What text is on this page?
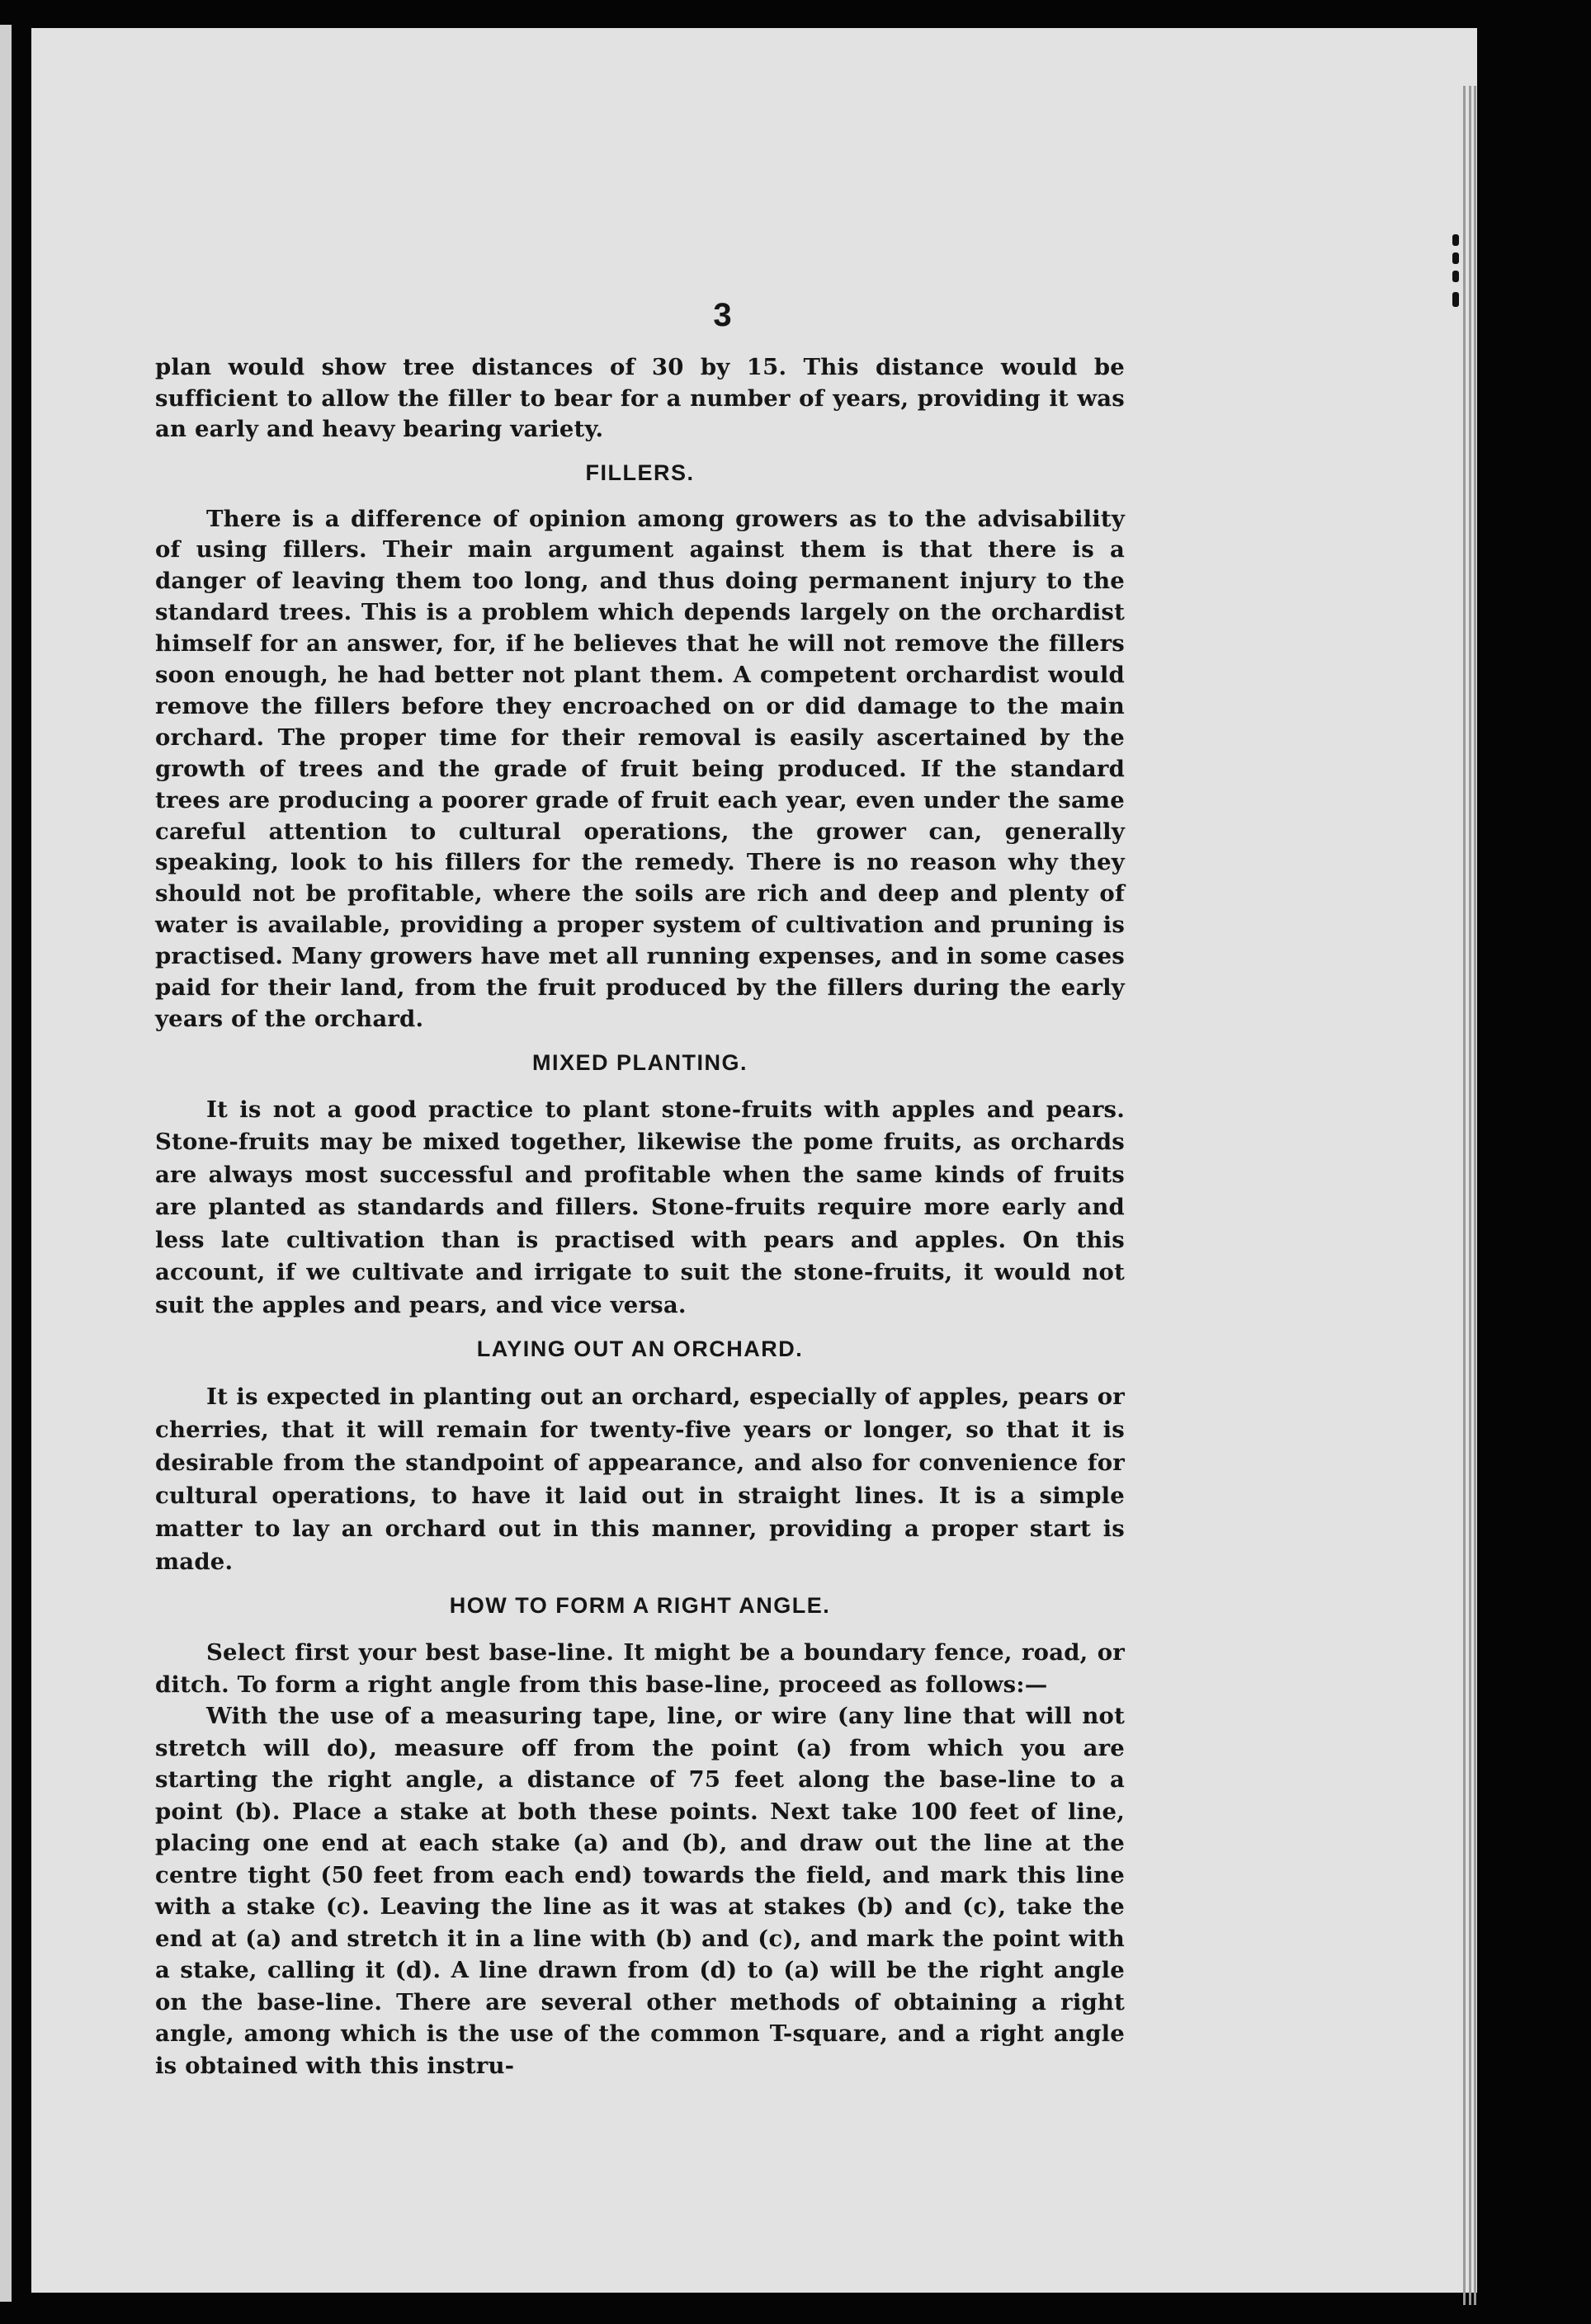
3

plan would show tree distances of 30 by 15. This distance would be sufficient to allow the filler to bear for a number of years, providing it was an early and heavy bearing variety.

FILLERS.

There is a difference of opinion among growers as to the advisability of using fillers. Their main argument against them is that there is a danger of leaving them too long, and thus doing permanent injury to the standard trees. This is a problem which depends largely on the orchardist himself for an answer, for, if he believes that he will not remove the fillers soon enough, he had better not plant them. A competent orchardist would remove the fillers before they encroached on or did damage to the main orchard. The proper time for their removal is easily ascertained by the growth of trees and the grade of fruit being produced. If the standard trees are producing a poorer grade of fruit each year, even under the same careful attention to cultural operations, the grower can, generally speaking, look to his fillers for the remedy. There is no reason why they should not be profitable, where the soils are rich and deep and plenty of water is available, providing a proper system of cultivation and pruning is practised. Many growers have met all running expenses, and in some cases paid for their land, from the fruit produced by the fillers during the early years of the orchard.

MIXED PLANTING.

It is not a good practice to plant stone-fruits with apples and pears. Stone-fruits may be mixed together, likewise the pome fruits, as orchards are always most successful and profitable when the same kinds of fruits are planted as standards and fillers. Stone-fruits require more early and less late cultivation than is practised with pears and apples. On this account, if we cultivate and irrigate to suit the stone-fruits, it would not suit the apples and pears, and vice versa.

LAYING OUT AN ORCHARD.

It is expected in planting out an orchard, especially of apples, pears or cherries, that it will remain for twenty-five years or longer, so that it is desirable from the standpoint of appearance, and also for convenience for cultural operations, to have it laid out in straight lines. It is a simple matter to lay an orchard out in this manner, providing a proper start is made.

HOW TO FORM A RIGHT ANGLE.

Select first your best base-line. It might be a boundary fence, road, or ditch. To form a right angle from this base-line, proceed as follows:—

With the use of a measuring tape, line, or wire (any line that will not stretch will do), measure off from the point (a) from which you are starting the right angle, a distance of 75 feet along the base-line to a point (b). Place a stake at both these points. Next take 100 feet of line, placing one end at each stake (a) and (b), and draw out the line at the centre tight (50 feet from each end) towards the field, and mark this line with a stake (c). Leaving the line as it was at stakes (b) and (c), take the end at (a) and stretch it in a line with (b) and (c), and mark the point with a stake, calling it (d). A line drawn from (d) to (a) will be the right angle on the base-line. There are several other methods of obtaining a right angle, among which is the use of the common T-square, and a right angle is obtained with this instru-
